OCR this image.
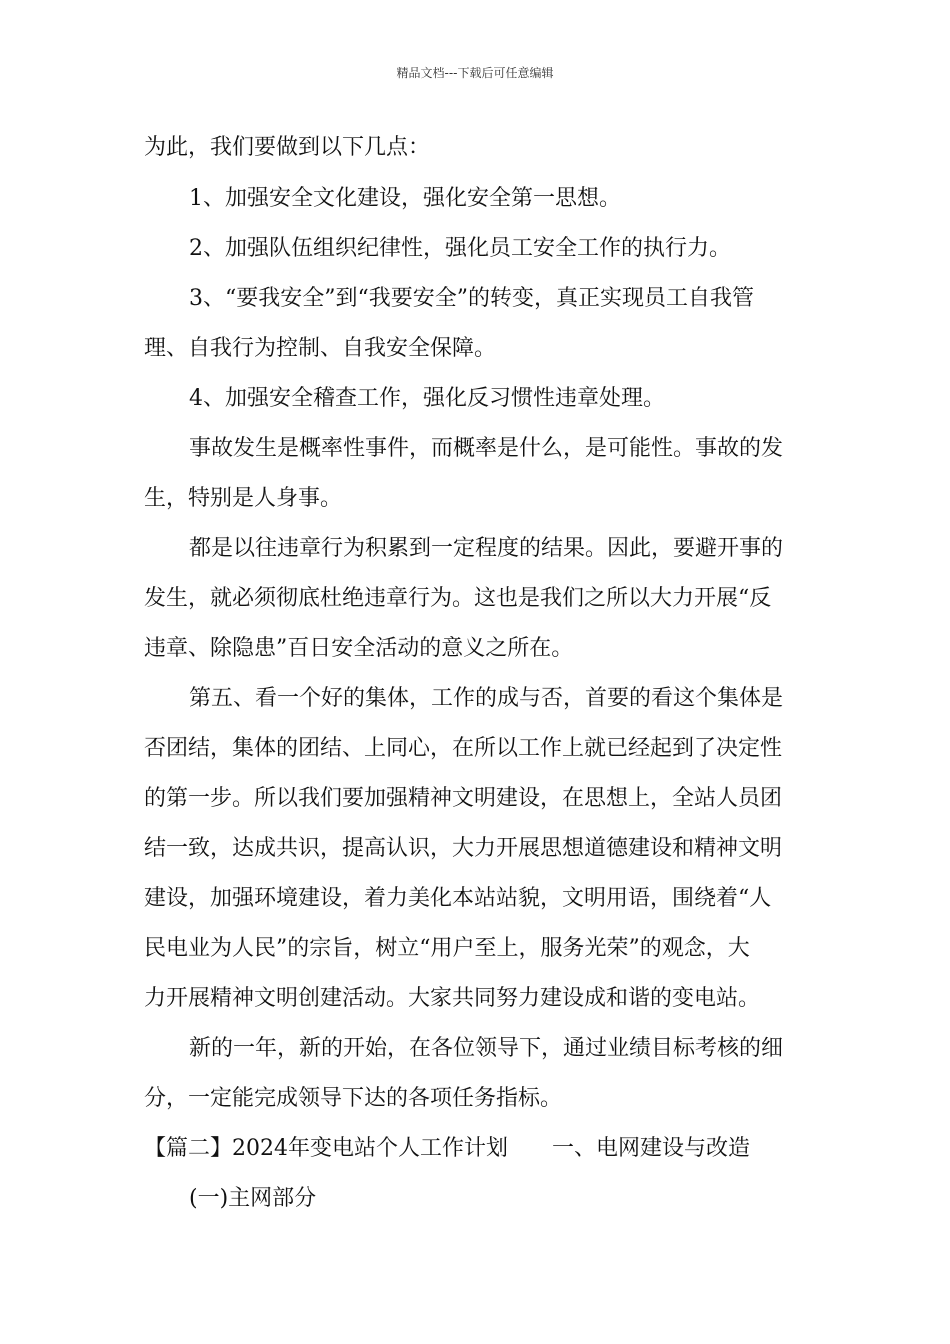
精品文档---下载后可任意编辑
为此，我们要做到以下几点：
1、加强安全文化建设，强化安全第一思想。
2、加强队伍组织纪律性，强化员工安全工作的执行力。
3、“要我安全”到“我要安全”的转变，真正实现员工自我管
理、自我行为控制、自我安全保障。
4、加强安全稽查工作，强化反习惯性违章处理。
事故发生是概率性事件，而概率是什么，是可能性。事故的发
生，特别是人身事。
都是以往违章行为积累到一定程度的结果。因此，要避开事的
发生，就必须彻底杜绝违章行为。这也是我们之所以大力开展“反
违章、除隐患”百日安全活动的意义之所在。
第五、看一个好的集体，工作的成与否，首要的看这个集体是
否团结，集体的团结、上同心，在所以工作上就已经起到了决定性
的第一步。所以我们要加强精神文明建设，在思想上，全站人员团
结一致，达成共识，提高认识，大力开展思想道德建设和精神文明
建设，加强环境建设，着力美化本站站貌，文明用语，围绕着“人
民电业为人民”的宗旨，树立“用户至上，服务光荣”的观念，大
力开展精神文明创建活动。大家共同努力建设成和谐的变电站。
新的一年，新的开始，在各位领导下，通过业绩目标考核的细
分，一定能完成领导下达的各项任务指标。
【篇二】2024年变电站个人工作计划　　一、电网建设与改造
(一)主网部分
